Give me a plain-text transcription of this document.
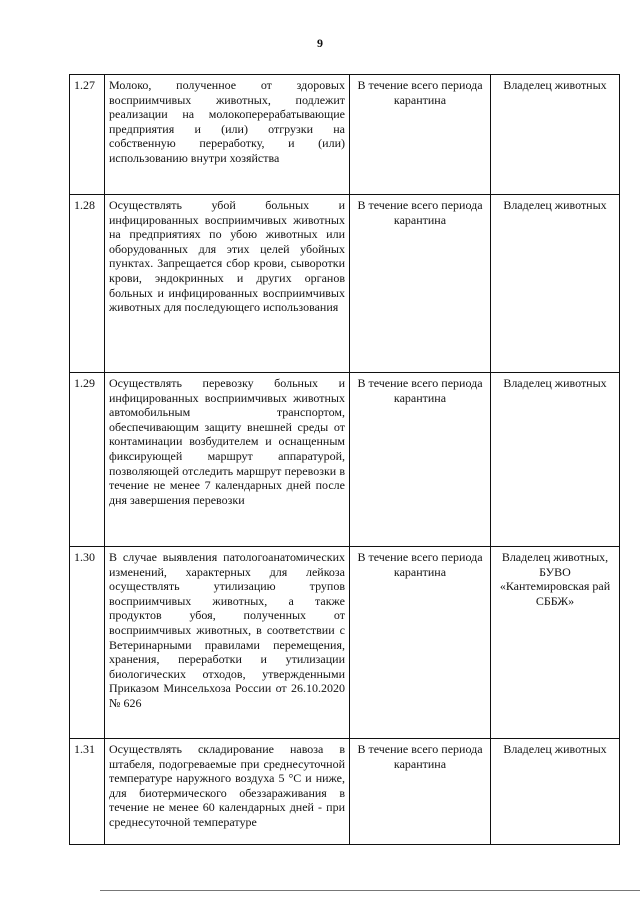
9
1.27	Молоко, полученное от здоровых восприимчивых животных, подлежит реализации на молокоперерабатывающие предприятия и (или) отгрузки на собственную переработку, и (или) использованию внутри хозяйства	В течение всего периода карантина	Владелец животных
1.28	Осуществлять убой больных и инфицированных восприимчивых животных на предприятиях по убою животных или оборудованных для этих целей убойных пунктах. Запрещается сбор крови, сыворотки крови, эндокринных и других органов больных и инфицированных восприимчивых животных для последующего использования	В течение всего периода карантина	Владелец животных
1.29	Осуществлять перевозку больных и инфицированных восприимчивых животных автомобильным транспортом, обеспечивающим защиту внешней среды от контаминации возбудителем и оснащенным фиксирующей маршрут аппаратурой, позволяющей отследить маршрут перевозки в течение не менее 7 календарных дней после дня завершения перевозки	В течение всего периода карантина	Владелец животных
1.30	В случае выявления патологоанатомических изменений, характерных для лейкоза осуществлять утилизацию трупов восприимчивых животных, а также продуктов убоя, полученных от восприимчивых животных, в соответствии с Ветеринарными правилами перемещения, хранения, переработки и утилизации биологических отходов, утвержденными Приказом Минсельхоза России от 26.10.2020 № 626	В течение всего периода карантина	Владелец животных, БУВО «Кантемировская рай СББЖ»
1.31	Осуществлять складирование навоза в штабеля, подогреваемые при среднесуточной температуре наружного воздуха 5 °С и ниже, для биотермического обеззараживания в течение не менее 60 календарных дней - при среднесуточной температуре	В течение всего периода карантина	Владелец животных
